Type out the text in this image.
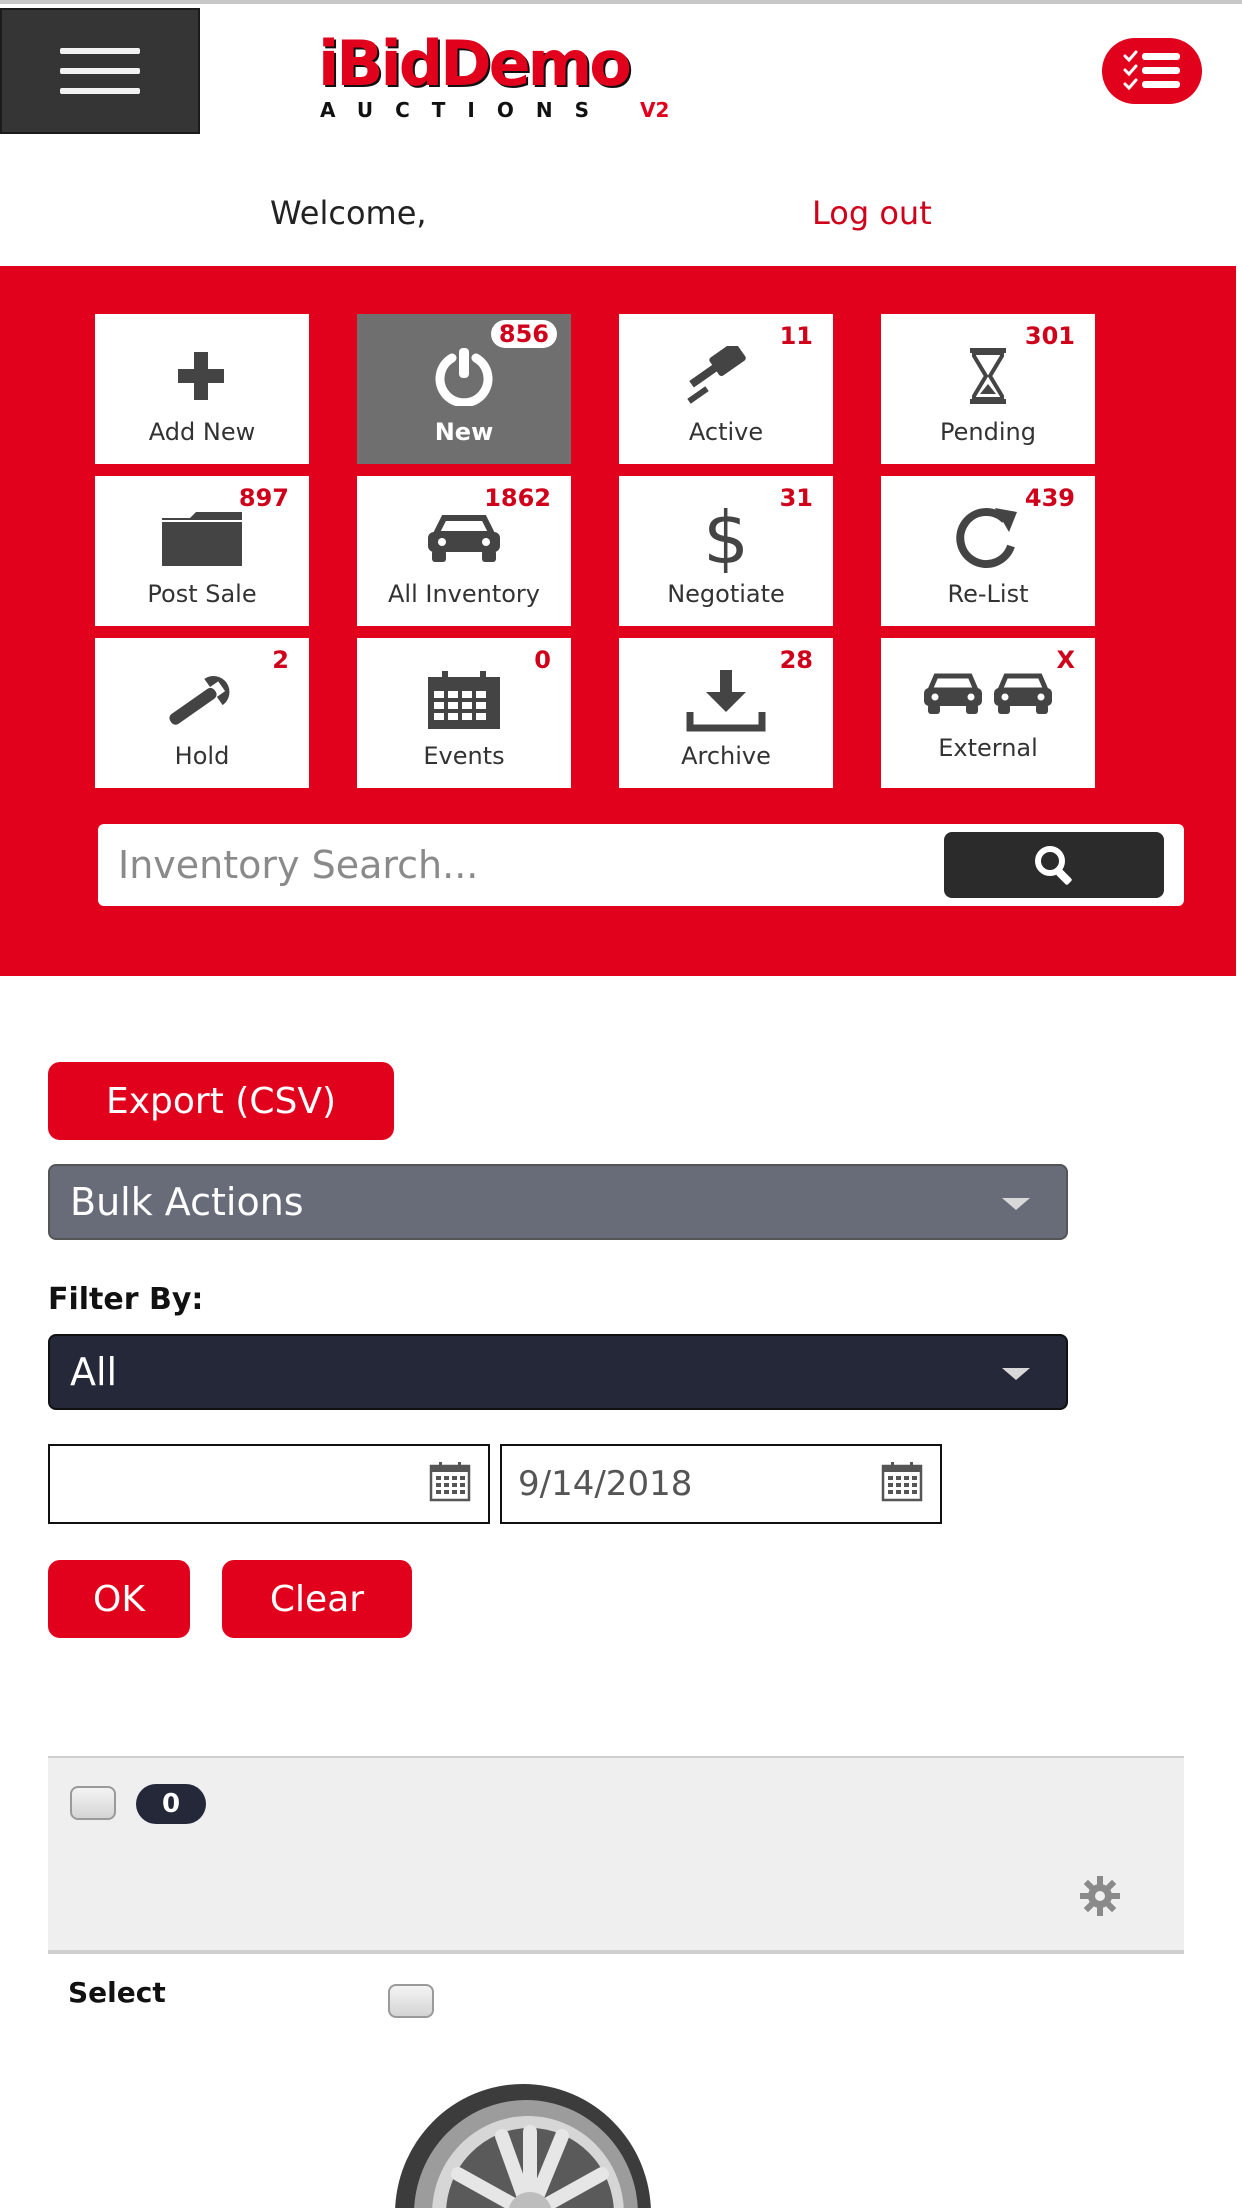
iBidDemo
AUCTIONS V2
Welcome,	Log out
Add New
856
New
11
Active
301
Pending
897
Post Sale
1862
All Inventory
31
$
Negotiate
439
Re-List
2
Hold
0
Events
28
Archive
X
External
Inventory Search...
Export (CSV)
Bulk Actions
Filter By:
All
9/14/2018
OK	Clear
0
Select
